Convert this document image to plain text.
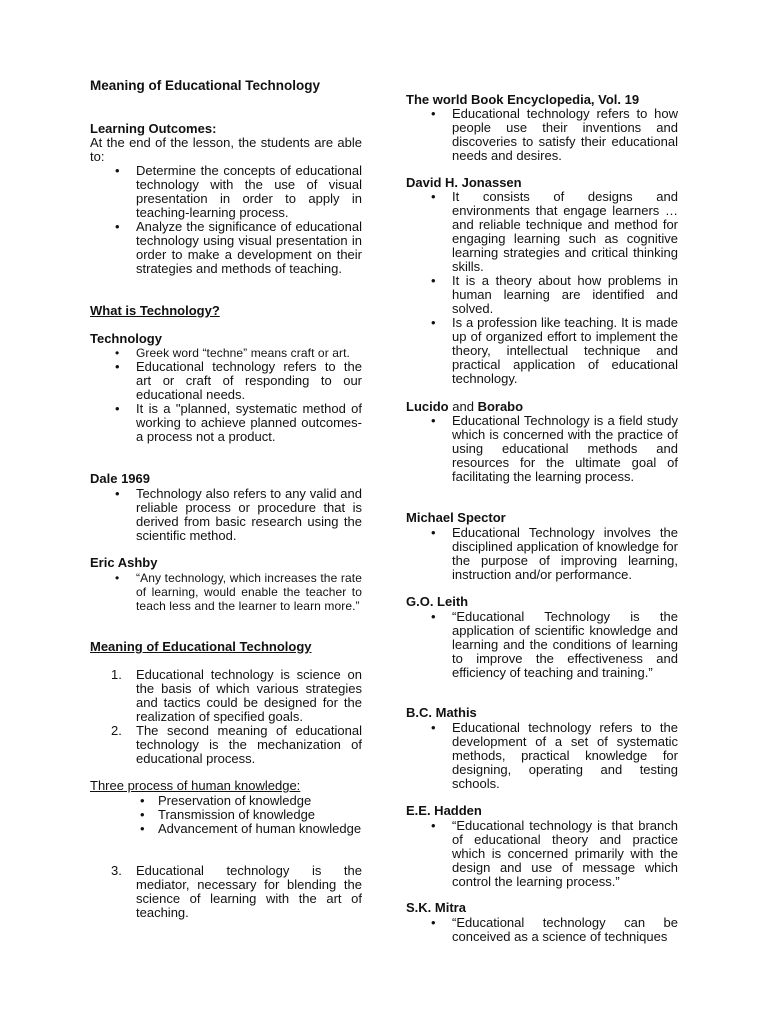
Meaning of Educational Technology

Learning Outcomes:

At the end of the lesson, the students are able to:

• Determine the concepts of educational technology with the use of visual presentation in order to apply in teaching-learning process.
• Analyze the significance of educational technology using visual presentation in order to make a development on their strategies and methods of teaching.

What is Technology?

Technology

• Greek word “techne” means craft or art.
• Educational technology refers to the art or craft of responding to our educational needs.
• It is a "planned, systematic method of working to achieve planned outcomes-a process not a product.

Dale 1969

• Technology also refers to any valid and reliable process or procedure that is derived from basic research using the scientific method.

Eric Ashby

• “Any technology, which increases the rate of learning, would enable the teacher to teach less and the learner to learn more.”

Meaning of Educational Technology

1. Educational technology is science on the basis of which various strategies and tactics could be designed for the realization of specified goals.
2. The second meaning of educational technology is the mechanization of educational process.

Three process of human knowledge:

• Preservation of knowledge
• Transmission of knowledge
• Advancement of human knowledge
3. Educational technology is the mediator, necessary for blending the science of learning with the art of teaching.

The world Book Encyclopedia, Vol. 19

• Educational technology refers to how people use their inventions and discoveries to satisfy their educational needs and desires.

David H. Jonassen

• It consists of designs and environments that engage learners … and reliable technique and method for engaging learning such as cognitive learning strategies and critical thinking skills.
• It is a theory about how problems in human learning are identified and solved.
• Is a profession like teaching. It is made up of organized effort to implement the theory, intellectual technique and practical application of educational technology.

Lucido and Borabo

• Educational Technology is a field study which is concerned with the practice of using educational methods and resources for the ultimate goal of facilitating the learning process.

Michael Spector

• Educational Technology involves the disciplined application of knowledge for the purpose of improving learning, instruction and/or performance.

G.O. Leith

• “Educational Technology is the application of scientific knowledge and learning and the conditions of learning to improve the effectiveness and efficiency of teaching and training.”

B.C. Mathis

• Educational technology refers to the development of a set of systematic methods, practical knowledge for designing, operating and testing schools.

E.E. Hadden

• “Educational technology is that branch of educational theory and practice which is concerned primarily with the design and use of message which control the learning process.”

S.K. Mitra

• “Educational technology can be conceived as a science of techniques
